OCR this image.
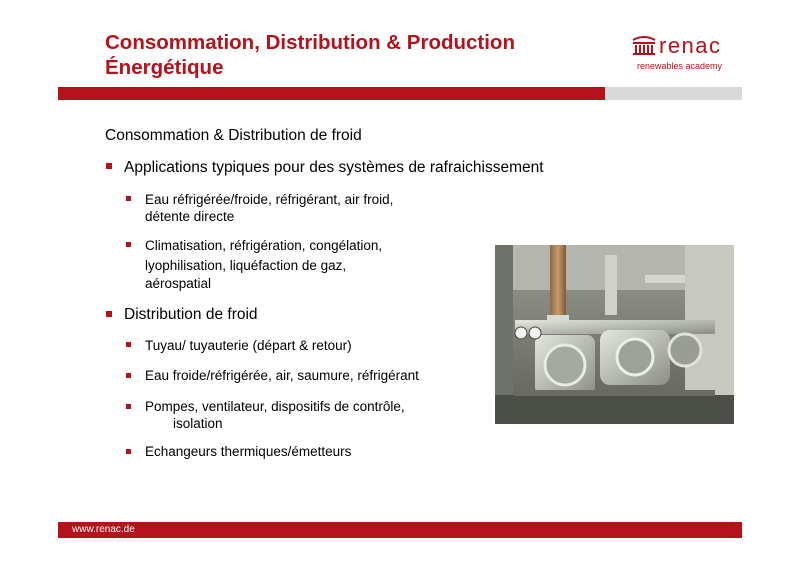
Consommation, Distribution & Production
Énergétique
renac
renewables academy
Consommation & Distribution de froid
Applications typiques pour des systèmes de rafraichissement
Eau réfrigérée/froide, réfrigérant, air froid,
détente directe
Climatisation, réfrigération, congélation,
lyophilisation, liquéfaction de gaz,
aérospatial
Distribution de froid
Tuyau/ tuyauterie (départ & retour)
Eau froide/réfrigérée, air, saumure, réfrigérant
Pompes, ventilateur, dispositifs de contrôle,
isolation
Echangeurs thermiques/émetteurs
www.renac.de
